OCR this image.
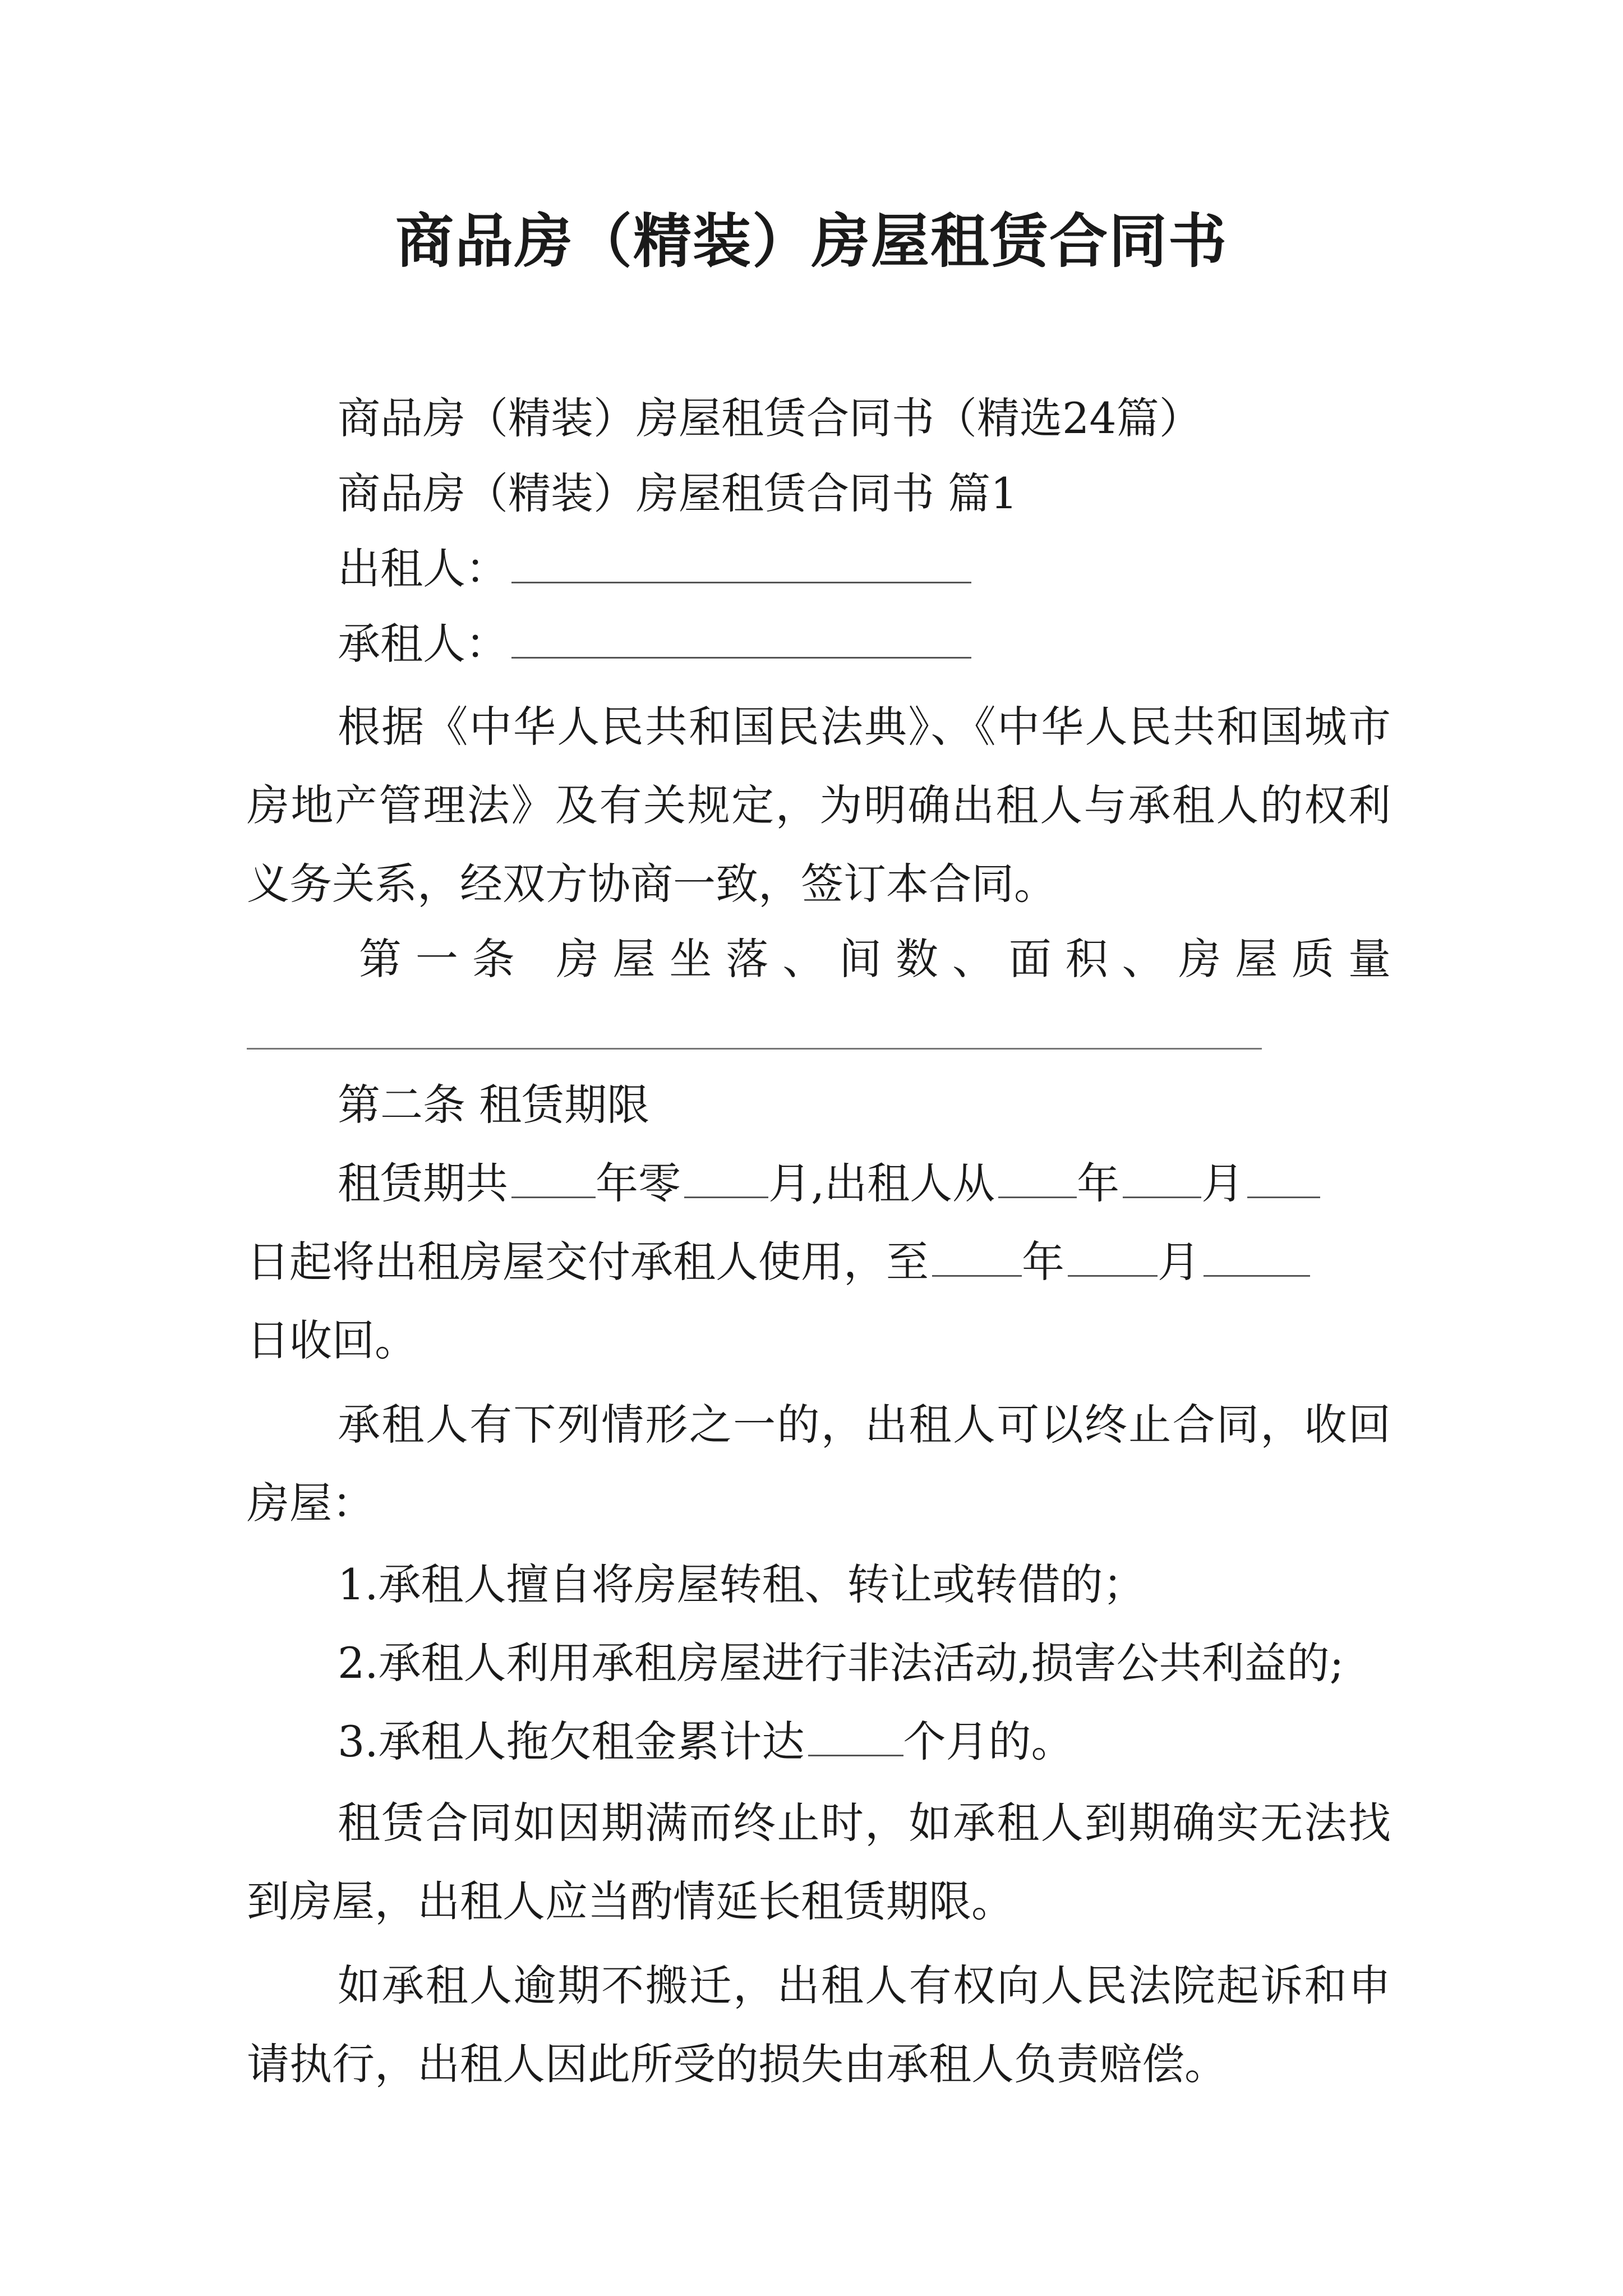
商品房（精装）房屋租赁合同书
商品房（精装）房屋租赁合同书（精选24篇）
商品房（精装）房屋租赁合同书 篇1
出租人：
承租人：
根据《中华人民共和国民法典》、《中华人民共和国城市
房地产管理法》及有关规定，为明确出租人与承租人的权利
义务关系，经双方协商一致，签订本合同。
第一条 房屋坐落、间数、面积、房屋质量
第二条 租赁期限
租赁期共 年零 月,出租人从 年 月
日起将出租房屋交付承租人使用，至 年 月
日收回。
承租人有下列情形之一的，出租人可以终止合同，收回
房屋：
1.承租人擅自将房屋转租、转让或转借的；
2.承租人利用承租房屋进行非法活动,损害公共利益的;
3.承租人拖欠租金累计达 个月的。
租赁合同如因期满而终止时，如承租人到期确实无法找
到房屋，出租人应当酌情延长租赁期限。
如承租人逾期不搬迁，出租人有权向人民法院起诉和申
请执行，出租人因此所受的损失由承租人负责赔偿。
